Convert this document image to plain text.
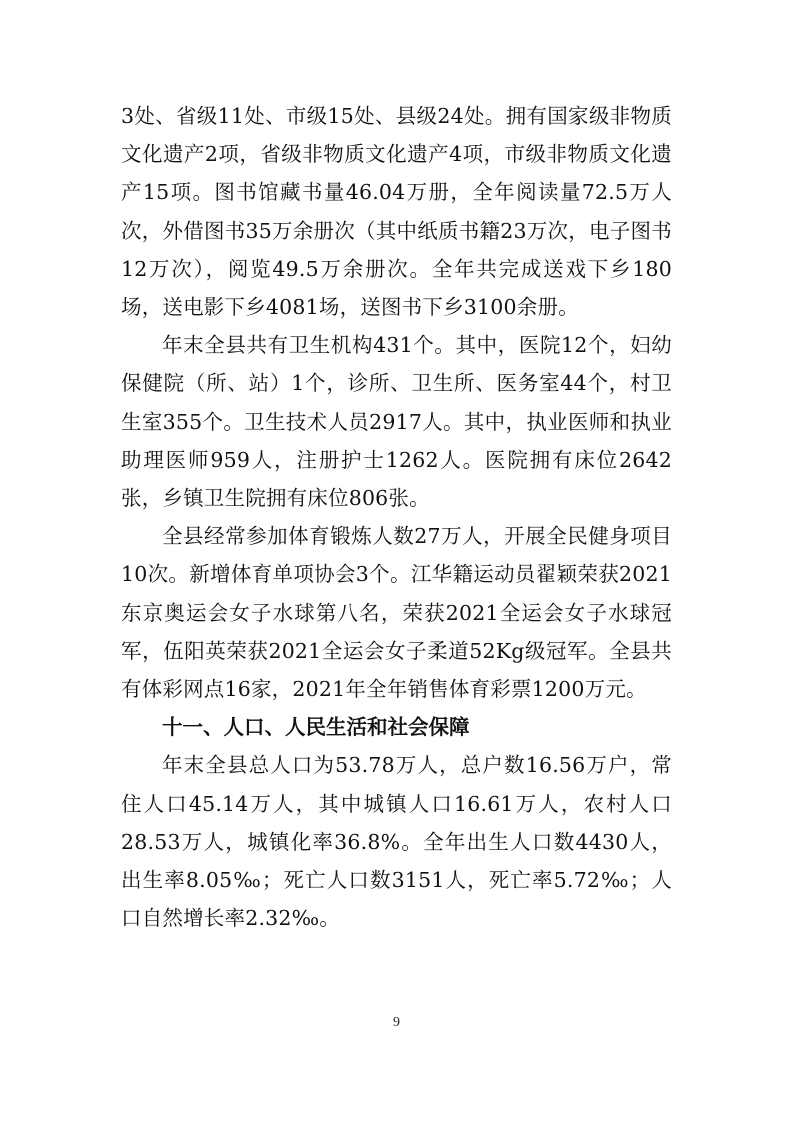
3处、省级11处、市级15处、县级24处。拥有国家级非物质文化遗产2项，省级非物质文化遗产4项，市级非物质文化遗产15项。图书馆藏书量46.04万册，全年阅读量72.5万人次，外借图书35万余册次（其中纸质书籍23万次，电子图书12万次），阅览49.5万余册次。全年共完成送戏下乡180场，送电影下乡4081场，送图书下乡3100余册。

年末全县共有卫生机构431个。其中，医院12个，妇幼保健院（所、站）1个，诊所、卫生所、医务室44个，村卫生室355个。卫生技术人员2917人。其中，执业医师和执业助理医师959人，注册护士1262人。医院拥有床位2642张，乡镇卫生院拥有床位806张。

全县经常参加体育锻炼人数27万人，开展全民健身项目10次。新增体育单项协会3个。江华籍运动员翟颖荣获2021东京奥运会女子水球第八名，荣获2021全运会女子水球冠军，伍阳英荣获2021全运会女子柔道52Kg级冠军。全县共有体彩网点16家，2021年全年销售体育彩票1200万元。

十一、人口、人民生活和社会保障

年末全县总人口为53.78万人，总户数16.56万户，常住人口45.14万人，其中城镇人口16.61万人，农村人口28.53万人，城镇化率36.8%。全年出生人口数4430人，出生率8.05‰；死亡人口数3151人，死亡率5.72‰；人口自然增长率2.32‰。

9
